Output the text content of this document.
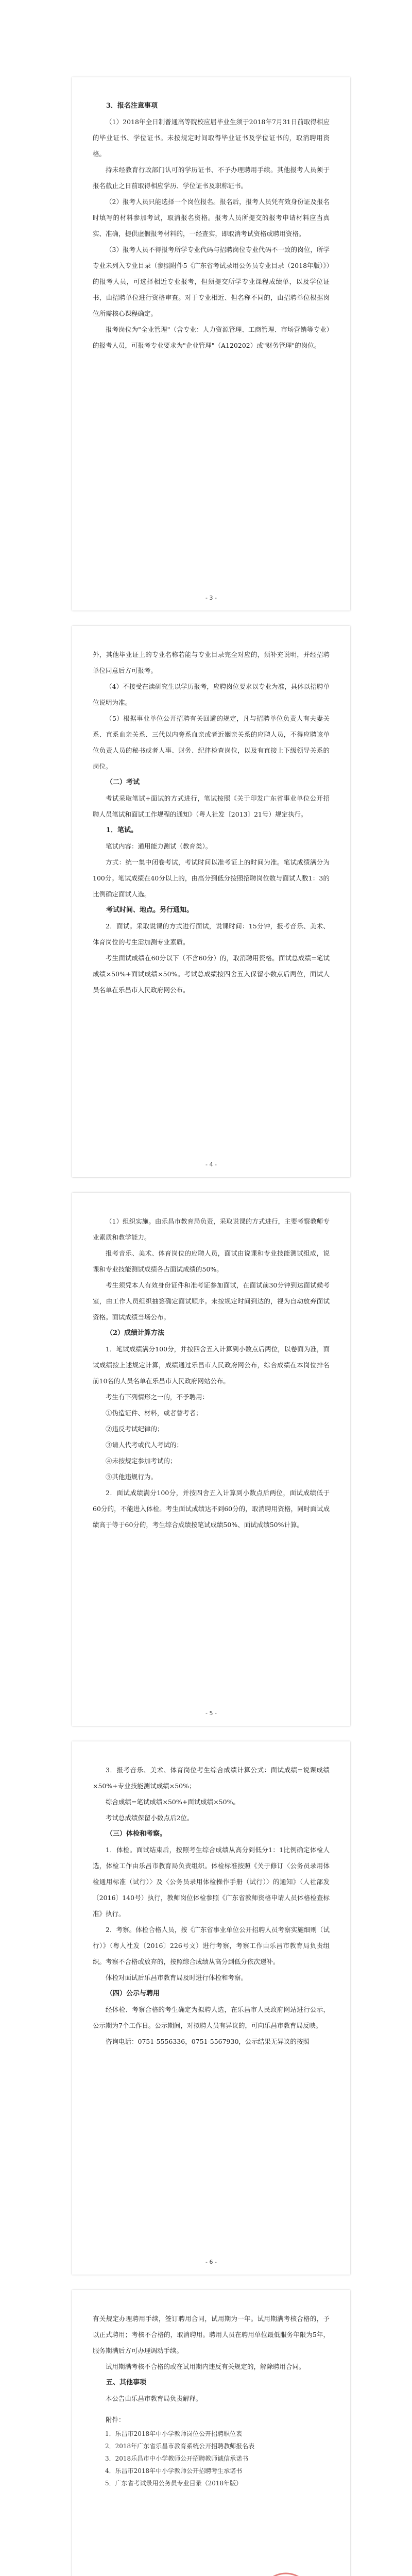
3．报名注意事项

（1）2018年全日制普通高等院校应届毕业生须于2018年7月31日前取得相应的毕业证书、学位证书。未按规定时间取得毕业证书及学位证书的，取消聘用资格。

持未经教育行政部门认可的学历证书、不予办理聘用手续。其他报考人员须于报名截止之日前取得相应学历、学位证书及职称证书。

（2）报考人员只能选择一个岗位报名。报名后，报考人员凭有效身份证及报名时填写的材料参加考试，取消报名资格。报考人员所提交的报考申请材料应当真实、准确，提供虚假报考材料的，一经查实，即取消考试资格或聘用资格。

（3）报考人员不得报考所学专业代码与招聘岗位专业代码不一致的岗位，所学专业未列入专业目录（参照附件5《广东省考试录用公务员专业目录（2018年版）》）的报考人员，可选择相近专业报考，但须提交所学专业课程成绩单，以及学位证书，由招聘单位进行资格审查。对于专业相近、但名称不同的，由招聘单位根据岗位所需核心课程确定。

报考岗位为"全业管理"（含专业：人力资源管理、工商管理、市场营销等专业）的报考人员，可报考专业要求为"企业管理"（A120202）或"财务管理"的岗位。

- 3 -

外，其他毕业证上的专业名称若能与专业目录完全对应的，须补充说明，并经招聘单位同意后方可报考。

（4）不接受在读研究生以学历报考，应聘岗位要求以专业为准，具体以招聘单位说明为准。

（5）根据事业单位公开招聘有关回避的规定，凡与招聘单位负责人有夫妻关系、直系血亲关系、三代以内旁系血亲或者近姻亲关系的应聘人员，不得应聘该单位负责人员的秘书或者人事、财务、纪律检查岗位，以及有直接上下级领导关系的岗位。

（二）考试

考试采取笔试+面试的方式进行，笔试按照《关于印发广东省事业单位公开招聘人员笔试和面试工作规程的通知》（粤人社发〔2013〕21号）规定执行。

1．笔试。

笔试内容：通用能力测试（教育类）。

方式：统一集中闭卷考试，考试时间以准考证上的时间为准。笔试成绩满分为100分。笔试成绩在40分以上的，由高分到低分按照招聘岗位数与面试人数1：3的比例确定面试人选。

考试时间、地点。另行通知。

2．面试。采取说课的方式进行面试，说课时间：15分钟，报考音乐、美术、体育岗位的考生需加测专业素质。

考生面试成绩在60分以下（不含60分）的，取消聘用资格。面试总成绩=笔试成绩×50%+面试成绩×50%。考试总成绩按四舍五入保留小数点后两位，面试人员名单在乐昌市人民政府网公布。

- 4 -

（1）组织实施。由乐昌市教育局负责，采取说课的方式进行，主要考察教师专业素质和教学能力。

报考音乐、美术、体育岗位的应聘人员，面试由说课和专业技能测试组成，说课和专业技能测试成绩各占面试成绩的50%。

考生须凭本人有效身份证件和准考证参加面试，在面试前30分钟到达面试候考室，由工作人员组织抽签确定面试顺序。未按规定时间到达的，视为自动放弃面试资格。面试成绩当场公布。

（2）成绩计算方法

1．笔试成绩满分100分，并按四舍五入计算到小数点后两位，以卷面为准，面试成绩按上述规定计算，成绩通过乐昌市人民政府网公布，综合成绩在本岗位排名前10名的人员名单在乐昌市人民政府网站公布。

考生有下列情形之一的，不予聘用：

①伪造证件、材料，或者替考者；

②违反考试纪律的；

③请人代考或代人考试的；

④未按规定参加考试的；

⑤其他违规行为。

2．面试成绩满分100分，并按四舍五入计算到小数点后两位，面试成绩低于60分的，不能进入体检。考生面试成绩达不到60分的，取消聘用资格，同时面试成绩高于等于60分的，考生综合成绩按笔试成绩50%、面试成绩50%计算。

- 5 -

3．报考音乐、美术、体育岗位考生综合成绩计算公式：面试成绩=说课成绩×50%+专业技能测试成绩×50%；

综合成绩=笔试成绩×50%+面试成绩×50%。

考试总成绩保留小数点后2位。

（三）体检和考察。

1．体检。面试结束后，按照考生综合成绩从高分到低分1：1比例确定体检人选，体检工作由乐昌市教育局负责组织。体检标准按照《关于修订〈公务员录用体检通用标准（试行）〉及〈公务员录用体检操作手册（试行）〉的通知》（人社部发〔2016〕140号）执行，教师岗位体检参照《广东省教师资格申请人员体格检查标准》执行。

2．考察。体检合格人员，按《广东省事业单位公开招聘人员考察实施细则（试行）》（粤人社发〔2016〕226号文）进行考察，考察工作由乐昌市教育局负责组织。考察不合格或放弃的，按照综合成绩从高分到低分依次递补。

体检对面试后乐昌市教育局及时进行体检和考察。

（四）公示与聘用

经体检、考察合格的考生确定为拟聘人选，在乐昌市人民政府网站进行公示，公示期为7个工作日。公示期间，对拟聘人员有异议的，可向乐昌市教育局反映。

咨询电话：0751-5556336，0751-5567930，公示结果无异议的按照

- 6 -

有关规定办理聘用手续，签订聘用合同，试用期为一年。试用期满考核合格的，予以正式聘用；考核不合格的，取消聘用。聘用人员在聘用单位最低服务年限为5年，服务期满后方可办理调动手续。

试用期满考核不合格的或在试用期内违反有关规定的，解除聘用合同。

五、其他事项

本公告由乐昌市教育局负责解释。

附件：

1．乐昌市2018年中小学教师岗位公开招聘职位表

2．2018年广东省乐昌市教育系统公开招聘教师报名表

3．2018乐昌市中小学教师公开招聘教师诚信承诺书

4．乐昌市2018年中小学教师公开招聘考生承诺书

5．广东省考试录用公务员专业目录（2018年版）
